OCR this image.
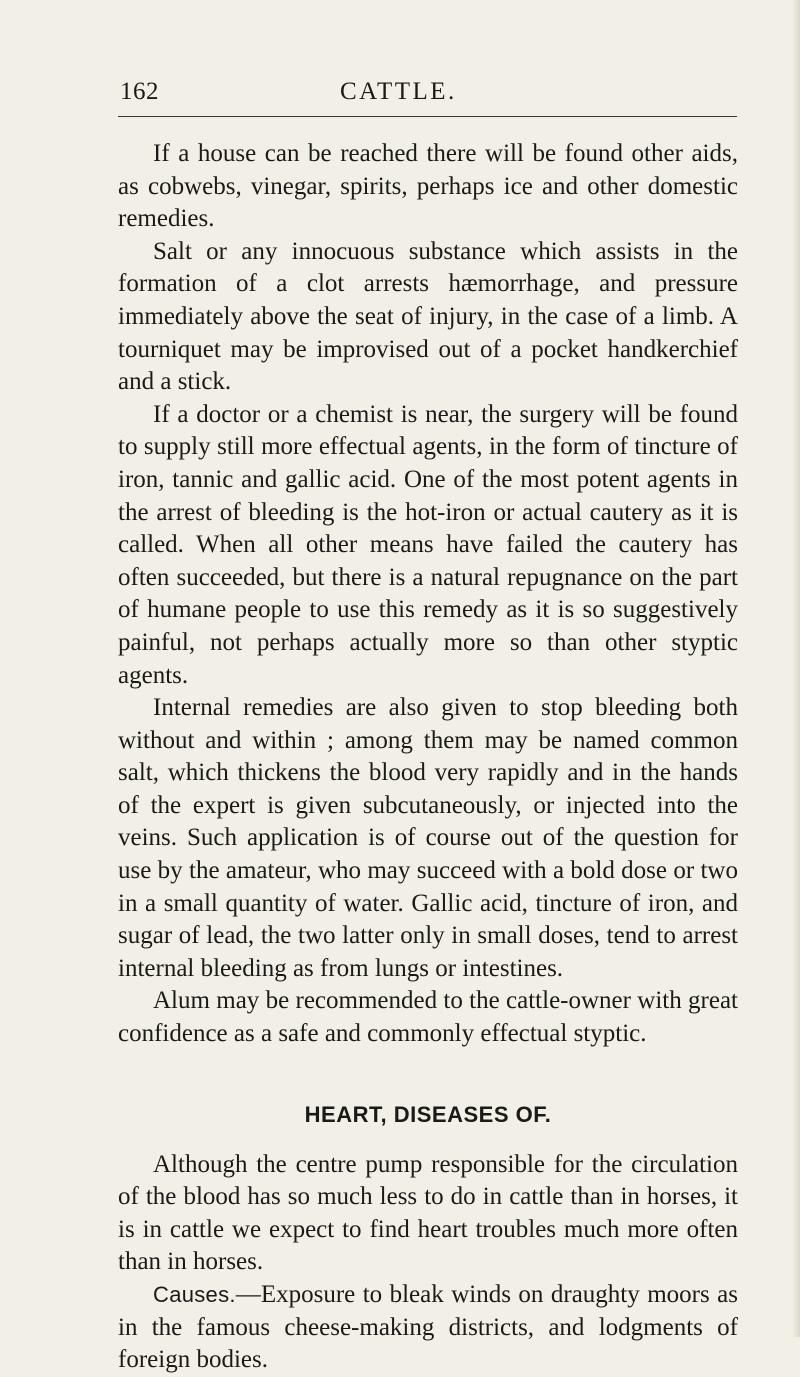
162	CATTLE.

If a house can be reached there will be found other aids, as cobwebs, vinegar, spirits, perhaps ice and other domestic remedies.

Salt or any innocuous substance which assists in the formation of a clot arrests hæmorrhage, and pressure immediately above the seat of injury, in the case of a limb. A tourniquet may be improvised out of a pocket handkerchief and a stick.

If a doctor or a chemist is near, the surgery will be found to supply still more effectual agents, in the form of tincture of iron, tannic and gallic acid. One of the most potent agents in the arrest of bleeding is the hot-iron or actual cautery as it is called. When all other means have failed the cautery has often succeeded, but there is a natural repugnance on the part of humane people to use this remedy as it is so suggestively painful, not perhaps actually more so than other styptic agents.

Internal remedies are also given to stop bleeding both without and within ; among them may be named common salt, which thickens the blood very rapidly and in the hands of the expert is given subcutaneously, or injected into the veins. Such application is of course out of the question for use by the amateur, who may succeed with a bold dose or two in a small quantity of water. Gallic acid, tincture of iron, and sugar of lead, the two latter only in small doses, tend to arrest internal bleeding as from lungs or intestines.

Alum may be recommended to the cattle-owner with great confidence as a safe and commonly effectual styptic.

HEART, DISEASES OF.

Although the centre pump responsible for the circulation of the blood has so much less to do in cattle than in horses, it is in cattle we expect to find heart troubles much more often than in horses.

Causes.—Exposure to bleak winds on draughty moors as in the famous cheese-making districts, and lodgments of foreign bodies.
